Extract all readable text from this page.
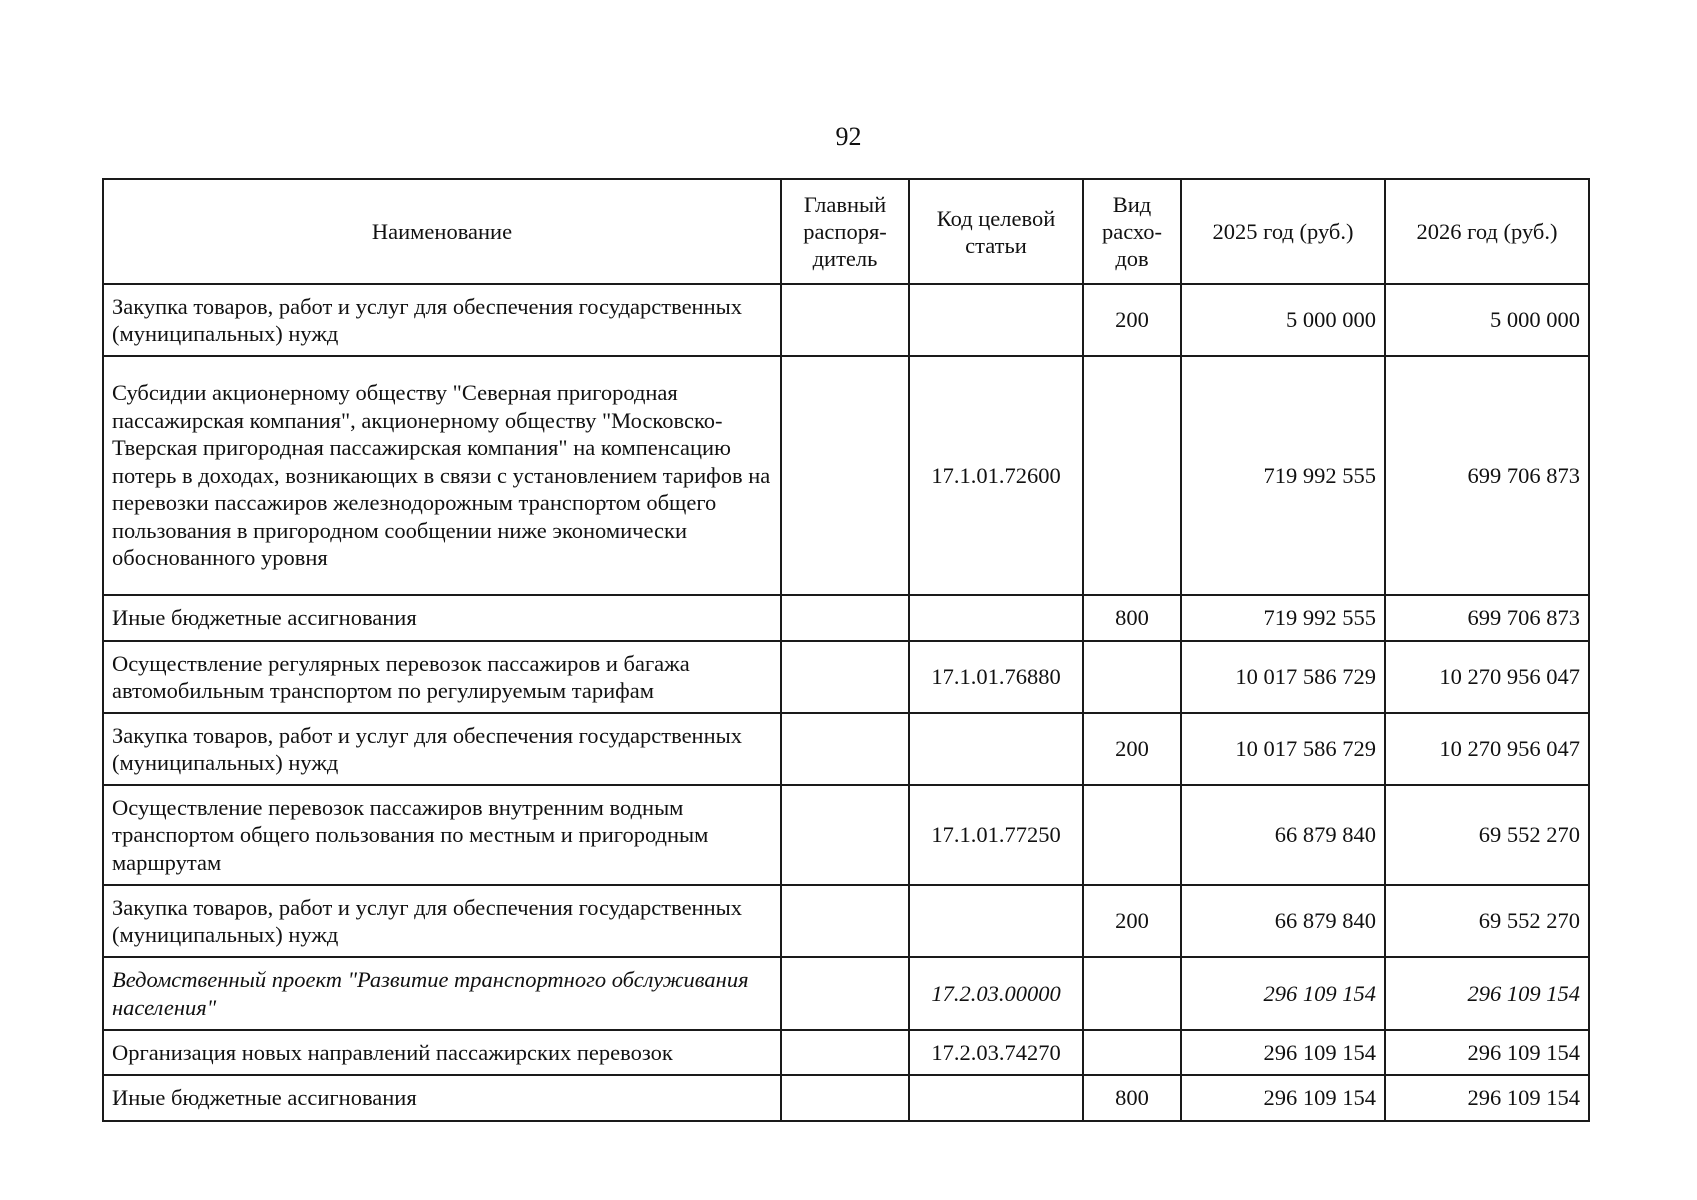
92
Наименование	Главный распоря-дитель	Код целевой статьи	Вид расхо-дов	2025 год (руб.)	2026 год (руб.)
Закупка товаров, работ и услуг для обеспечения государственных (муниципальных) нужд			200	5 000 000	5 000 000
Субсидии акционерному обществу "Северная пригородная пассажирская компания", акционерному обществу "Московско-Тверская пригородная пассажирская компания" на компенсацию потерь в доходах, возникающих в связи с установлением тарифов на перевозки пассажиров железнодорожным транспортом общего пользования в пригородном сообщении ниже экономически обоснованного уровня		17.1.01.72600		719 992 555	699 706 873
Иные бюджетные ассигнования			800	719 992 555	699 706 873
Осуществление регулярных перевозок пассажиров и багажа автомобильным транспортом по регулируемым тарифам		17.1.01.76880		10 017 586 729	10 270 956 047
Закупка товаров, работ и услуг для обеспечения государственных (муниципальных) нужд			200	10 017 586 729	10 270 956 047
Осуществление перевозок пассажиров внутренним водным транспортом общего пользования по местным и пригородным маршрутам		17.1.01.77250		66 879 840	69 552 270
Закупка товаров, работ и услуг для обеспечения государственных (муниципальных) нужд			200	66 879 840	69 552 270
Ведомственный проект "Развитие транспортного обслуживания населения"		17.2.03.00000		296 109 154	296 109 154
Организация новых направлений пассажирских перевозок		17.2.03.74270		296 109 154	296 109 154
Иные бюджетные ассигнования			800	296 109 154	296 109 154
